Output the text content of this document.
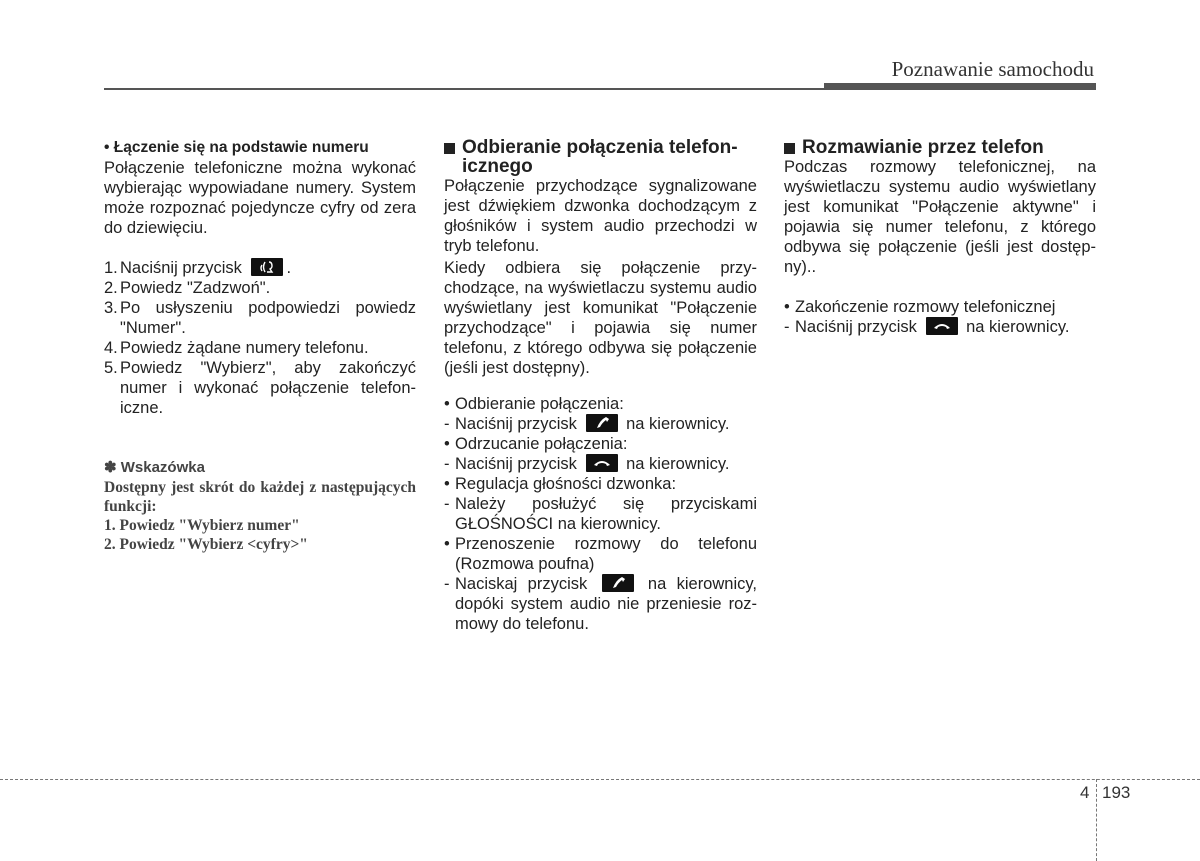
Poznawanie samochodu
• Łączenie się na podstawie numeru
Połączenie telefoniczne można wykonać wybierając wypowiadane numery. System może rozpoznać pojedyncze cyfry od zera do dziewięciu.
1. Naciśnij przycisk	.
2. Powiedz "Zadzwoń".
3. Po usłyszeniu podpowiedzi powiedz "Numer".
4. Powiedz żądane numery telefonu.
5. Powiedz "Wybierz", aby zakończyć numer i wykonać połączenie telefon-iczne.
✽ Wskazówka
Dostępny jest skrót do każdej z następujących funkcji:
1. Powiedz "Wybierz numer"
2. Powiedz "Wybierz <cyfry>"
Odbieranie połączenia telefon-icznego
Połączenie przychodzące sygnalizowane jest dźwiękiem dzwonka dochodzącym z głośników i system audio przechodzi w tryb telefonu.
Kiedy odbiera się połączenie przy-chodzące, na wyświetlaczu systemu audio wyświetlany jest komunikat "Połączenie przychodzące" i pojawia się numer telefonu, z którego odbywa się połączenie (jeśli jest dostępny).
• Odbieranie połączenia:
- Naciśnij przycisk	na kierownicy.
• Odrzucanie połączenia:
- Naciśnij przycisk	na kierownicy.
• Regulacja głośności dzwonka:
- Należy posłużyć się przyciskami GŁOŚNOŚCI na kierownicy.
• Przenoszenie rozmowy do telefonu (Rozmowa poufna)
- Naciskaj przycisk	na kierownicy, dopóki system audio nie przeniesie roz-mowy do telefonu.
Rozmawianie przez telefon
Podczas rozmowy telefonicznej, na wyświetlaczu systemu audio wyświetlany jest komunikat "Połączenie aktywne" i pojawia się numer telefonu, z którego odbywa się połączenie (jeśli jest dostęp-ny)..
• Zakończenie rozmowy telefonicznej
- Naciśnij przycisk	na kierownicy.
4 193
